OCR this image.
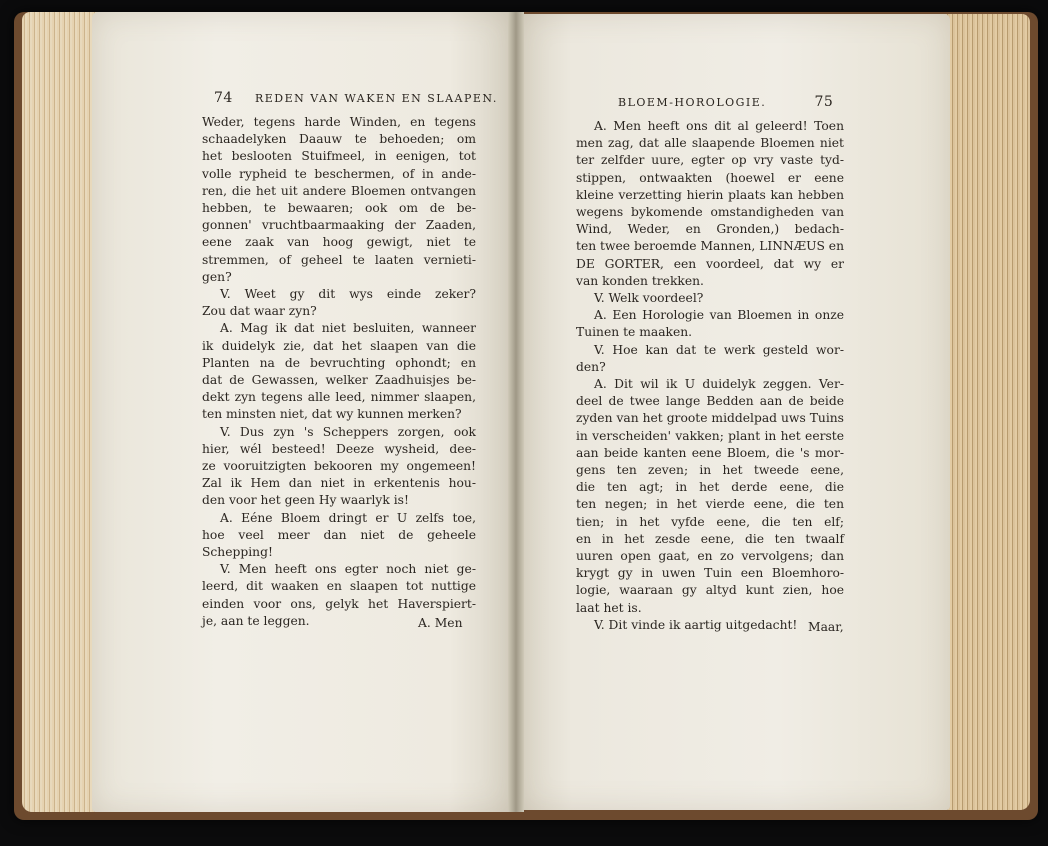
74 REDEN VAN WAKEN EN SLAAPEN.	BLOEM-HOROLOGIE.	75
Weder, tegens harde Winden, en tegens
schaadelyken Daauw te behoeden; om
het beslooten Stuifmeel, in eenigen, tot
volle rypheid te beschermen, of in ande-
ren, die het uit andere Bloemen ontvangen
hebben, te bewaaren; ook om de be-
gonnen' vruchtbaarmaaking der Zaaden,
eene zaak van hoog gewigt, niet te
stremmen, of geheel te laaten vernieti-
gen?
V. Weet gy dit wys einde zeker?
Zou dat waar zyn?
A. Mag ik dat niet besluiten, wanneer
ik duidelyk zie, dat het slaapen van die
Planten na de bevruchting ophondt; en
dat de Gewassen, welker Zaadhuisjes be-
dekt zyn tegens alle leed, nimmer slaapen,
ten minsten niet, dat wy kunnen merken?
V. Dus zyn 's Scheppers zorgen, ook
hier, wél besteed! Deeze wysheid, dee-
ze vooruitzigten bekooren my ongemeen!
Zal ik Hem dan niet in erkentenis hou-
den voor het geen Hy waarlyk is!
A. Eéne Bloem dringt er U zelfs toe,
hoe veel meer dan niet de geheele
Schepping!
V. Men heeft ons egter noch niet ge-
leerd, dit waaken en slaapen tot nuttige
einden voor ons, gelyk het Haverspiert-
je, aan te leggen.
A. Men heeft ons dit al geleerd! Toen
men zag, dat alle slaapende Bloemen niet
ter zelfder uure, egter op vry vaste tyd-
stippen, ontwaakten (hoewel er eene
kleine verzetting hierin plaats kan hebben
wegens bykomende omstandigheden van
Wind, Weder, en Gronden,) bedach-
ten twee beroemde Mannen, LINNÆUS en
DE GORTER, een voordeel, dat wy er
van konden trekken.
V. Welk voordeel?
A. Een Horologie van Bloemen in onze
Tuinen te maaken.
V. Hoe kan dat te werk gesteld wor-
den?
A. Dit wil ik U duidelyk zeggen. Ver-
deel de twee lange Bedden aan de beide
zyden van het groote middelpad uws Tuins
in verscheiden' vakken; plant in het eerste
aan beide kanten eene Bloem, die 's mor-
gens ten zeven; in het tweede eene,
die ten agt; in het derde eene, die
ten negen; in het vierde eene, die ten
tien; in het vyfde eene, die ten elf;
en in het zesde eene, die ten twaalf
uuren open gaat, en zo vervolgens; dan
krygt gy in uwen Tuin een Bloemhoro-
logie, waaraan gy altyd kunt zien, hoe
laat het is.
V. Dit vinde ik aartig uitgedacht!
A. Men	Maar,
